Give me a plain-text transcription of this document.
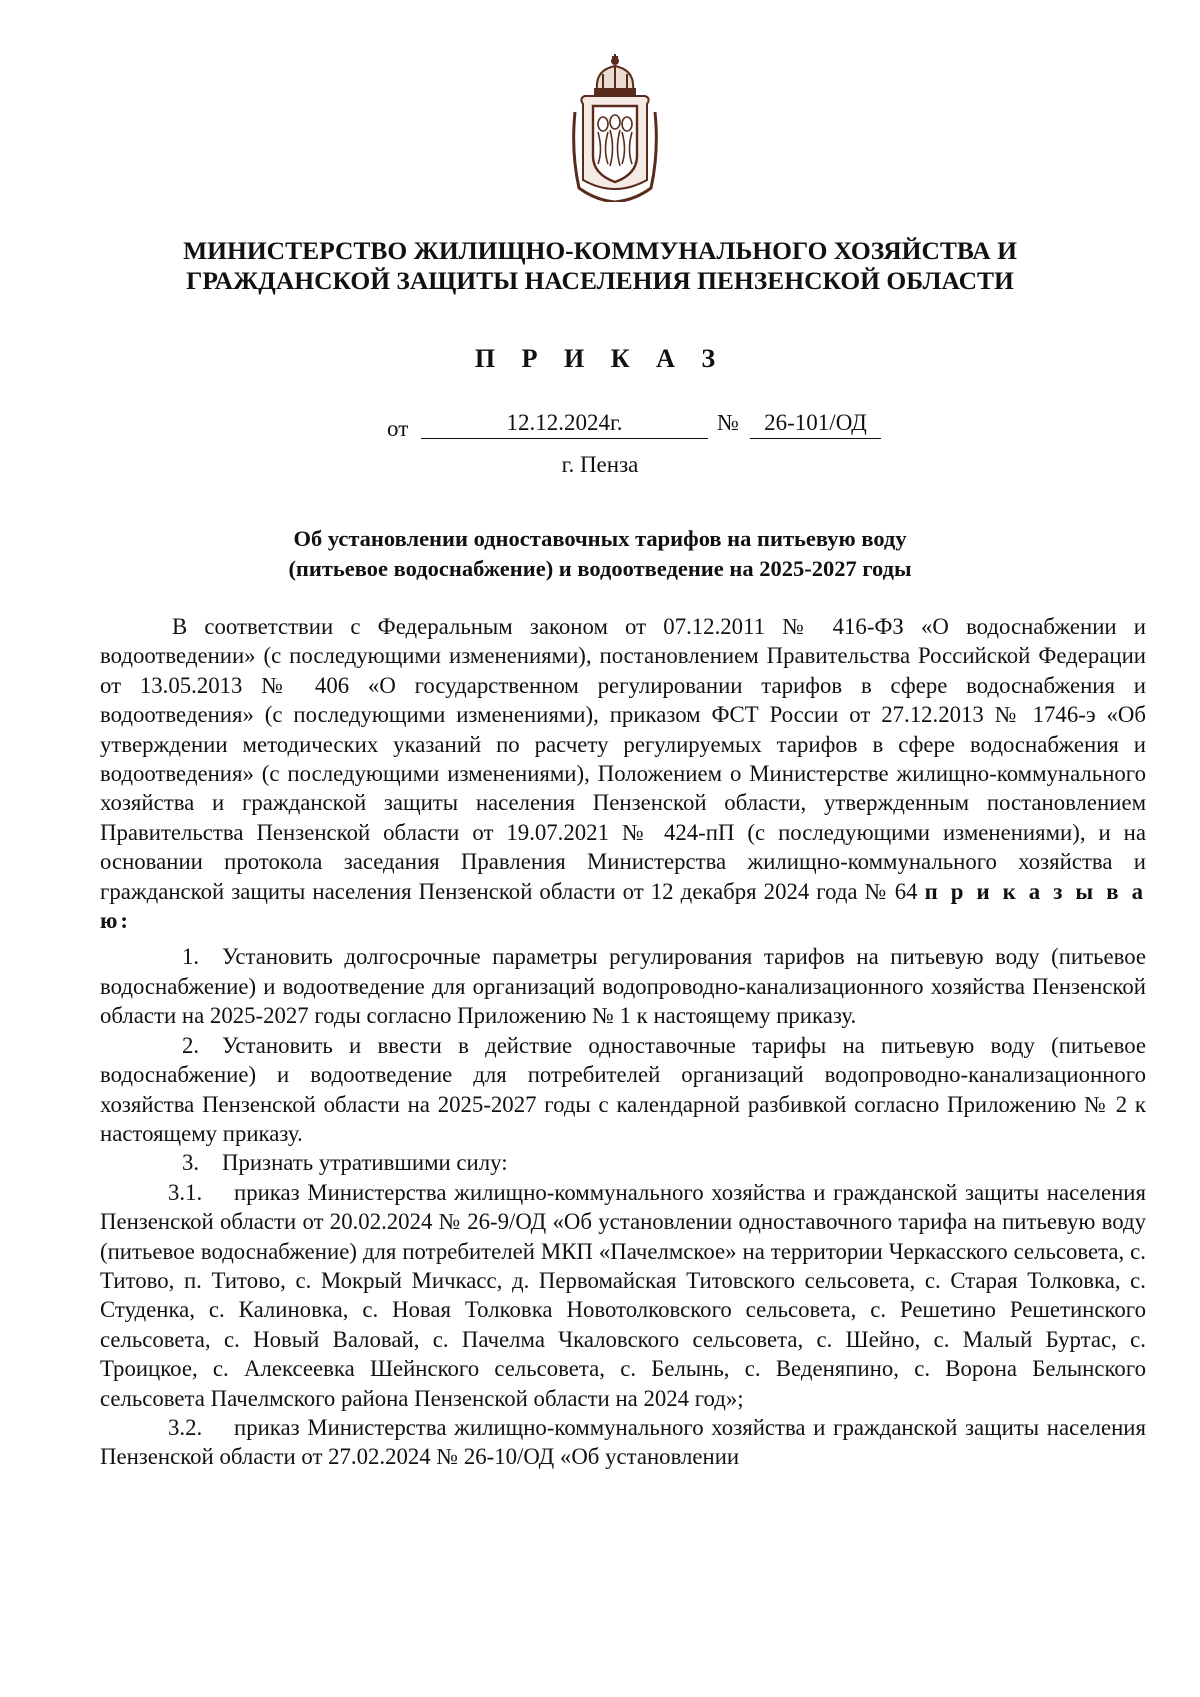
МИНИСТЕРСТВО ЖИЛИЩНО-КОММУНАЛЬНОГО ХОЗЯЙСТВА И
ГРАЖДАНСКОЙ ЗАЩИТЫ НАСЕЛЕНИЯ ПЕНЗЕНСКОЙ ОБЛАСТИ
П Р И К А З
от	12.12.2024г.	№	26-101/ОД
г. Пенза
Об установлении одноставочных тарифов на питьевую воду
(питьевое водоснабжение) и водоотведение на 2025-2027 годы

В соответствии с Федеральным законом от 07.12.2011 № 416-ФЗ «О водоснабжении и водоотведении» (с последующими изменениями), постановлением Правительства Российской Федерации от 13.05.2013 № 406 «О государственном регулировании тарифов в сфере водоснабжения и водоотведения» (с последующими изменениями), приказом ФСТ России от 27.12.2013 № 1746-э «Об утверждении методических указаний по расчету регулируемых тарифов в сфере водоснабжения и водоотведения» (с последующими изменениями), Положением о Министерстве жилищно-коммунального хозяйства и гражданской защиты населения Пензенской области, утвержденным постановлением Правительства Пензенской области от 19.07.2021 № 424-пП (с последующими изменениями), и на основании протокола заседания Правления Министерства жилищно-коммунального хозяйства и гражданской защиты населения Пензенской области от 12 декабря 2024 года № 64 п р и к а з ы в а ю:

1. Установить долгосрочные параметры регулирования тарифов на питьевую воду (питьевое водоснабжение) и водоотведение для организаций водопроводно-канализационного хозяйства Пензенской области на 2025-2027 годы согласно Приложению № 1 к настоящему приказу.

2. Установить и ввести в действие одноставочные тарифы на питьевую воду (питьевое водоснабжение) и водоотведение для потребителей организаций водопроводно-канализационного хозяйства Пензенской области на 2025-2027 годы с календарной разбивкой согласно Приложению № 2 к настоящему приказу.

3. Признать утратившими силу:

3.1. приказ Министерства жилищно-коммунального хозяйства и гражданской защиты населения Пензенской области от 20.02.2024 № 26-9/ОД «Об установлении одноставочного тарифа на питьевую воду (питьевое водоснабжение) для потребителей МКП «Пачелмское» на территории Черкасского сельсовета, с. Титово, п. Титово, с. Мокрый Мичкасс, д. Первомайская Титовского сельсовета, с. Старая Толковка, с. Студенка, с. Калиновка, с. Новая Толковка Новотолковского сельсовета, с. Решетино Решетинского сельсовета, с. Новый Валовай, с. Пачелма Чкаловского сельсовета, с. Шейно, с. Малый Буртас, с. Троицкое, с. Алексеевка Шейнского сельсовета, с. Белынь, с. Веденяпино, с. Ворона Белынского сельсовета Пачелмского района Пензенской области на 2024 год»;

3.2. приказ Министерства жилищно-коммунального хозяйства и гражданской защиты населения Пензенской области от 27.02.2024 № 26-10/ОД «Об установлении
